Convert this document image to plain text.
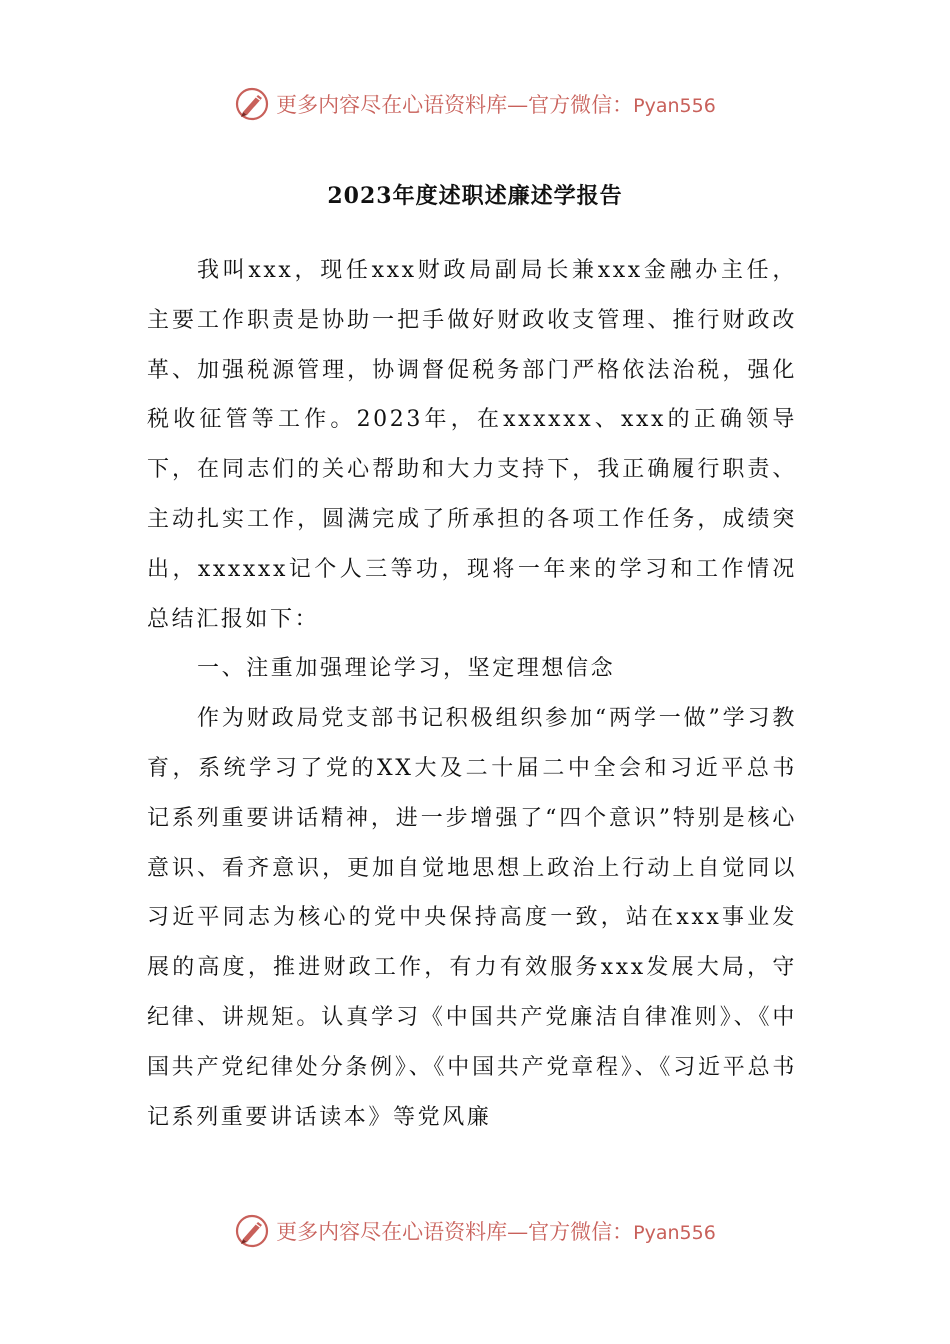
更多内容尽在心语资料库—官方微信：Pyan556
2023年度述职述廉述学报告

我叫xxx，现任xxx财政局副局长兼xxx金融办主任，主要工作职责是协助一把手做好财政收支管理、推行财政改革、加强税源管理，协调督促税务部门严格依法治税，强化税收征管等工作。2023年，在xxxxxx、xxx的正确领导下，在同志们的关心帮助和大力支持下，我正确履行职责、主动扎实工作，圆满完成了所承担的各项工作任务，成绩突出，xxxxxx记个人三等功，现将一年来的学习和工作情况总结汇报如下：

一、注重加强理论学习，坚定理想信念

作为财政局党支部书记积极组织参加“两学一做”学习教育，系统学习了党的XX大及二十届二中全会和习近平总书记系列重要讲话精神，进一步增强了“四个意识”特别是核心意识、看齐意识，更加自觉地思想上政治上行动上自觉同以习近平同志为核心的党中央保持高度一致，站在xxx事业发展的高度，推进财政工作，有力有效服务xxx发展大局，守纪律、讲规矩。认真学习《中国共产党廉洁自律准则》、《中国共产党纪律处分条例》、《中国共产党章程》、《习近平总书记系列重要讲话读本》等党风廉

更多内容尽在心语资料库—官方微信：Pyan556
